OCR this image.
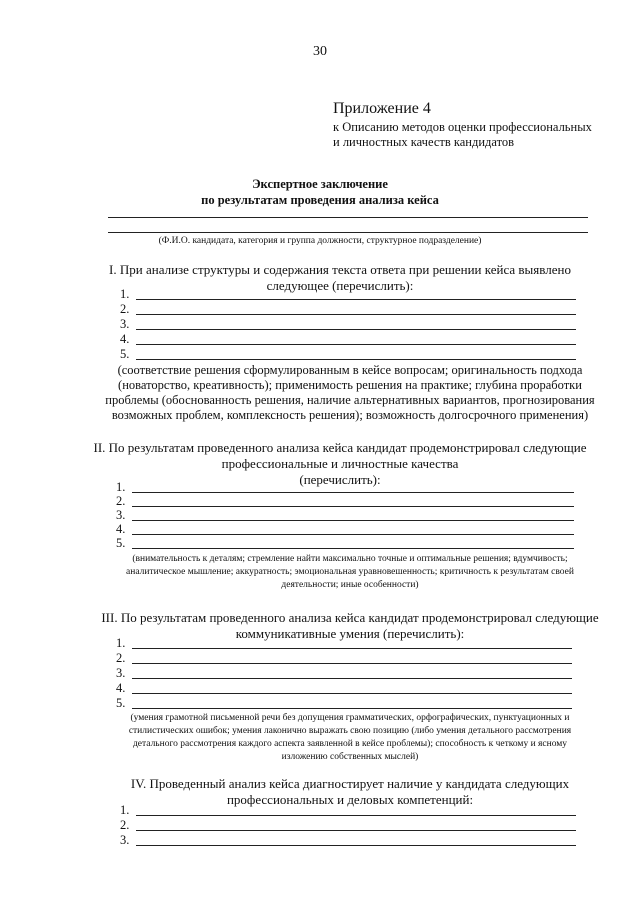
30
Приложение 4
к Описанию методов оценки профессиональных
и личностных качеств кандидатов
Экспертное заключение
по результатам проведения анализа кейса
(Ф.И.О. кандидата, категория и группа должности, структурное подразделение)
I. При анализе структуры и содержания текста ответа при решении кейса выявлено
следующее (перечислить):
1.
2.
3.
4.
5.
(соответствие решения сформулированным в кейсе вопросам; оригинальность подхода
(новаторство, креативность); применимость решения на практике; глубина проработки
проблемы (обоснованность решения, наличие альтернативных вариантов, прогнозирования
возможных проблем, комплексность решения); возможность долгосрочного применения)
II. По результатам проведенного анализа кейса кандидат продемонстрировал следующие
профессиональные и личностные качества
(перечислить):
1.
2.
3.
4.
5.
(внимательность к деталям; стремление найти максимально точные и оптимальные решения; вдумчивость;
аналитическое мышление; аккуратность; эмоциональная уравновешенность; критичность к результатам своей
деятельности; иные особенности)
III. По результатам проведенного анализа кейса кандидат продемонстрировал следующие
коммуникативные умения (перечислить):
1.
2.
3.
4.
5.
(умения грамотной письменной речи без допущения грамматических, орфографических, пунктуационных и
стилистических ошибок; умения лаконично выражать свою позицию (либо умения детального рассмотрения
детального рассмотрения каждого аспекта заявленной в кейсе проблемы); способность к четкому и ясному
изложению собственных мыслей)
IV. Проведенный анализ кейса диагностирует наличие у кандидата следующих
профессиональных и деловых компетенций:
1.
2.
3.
